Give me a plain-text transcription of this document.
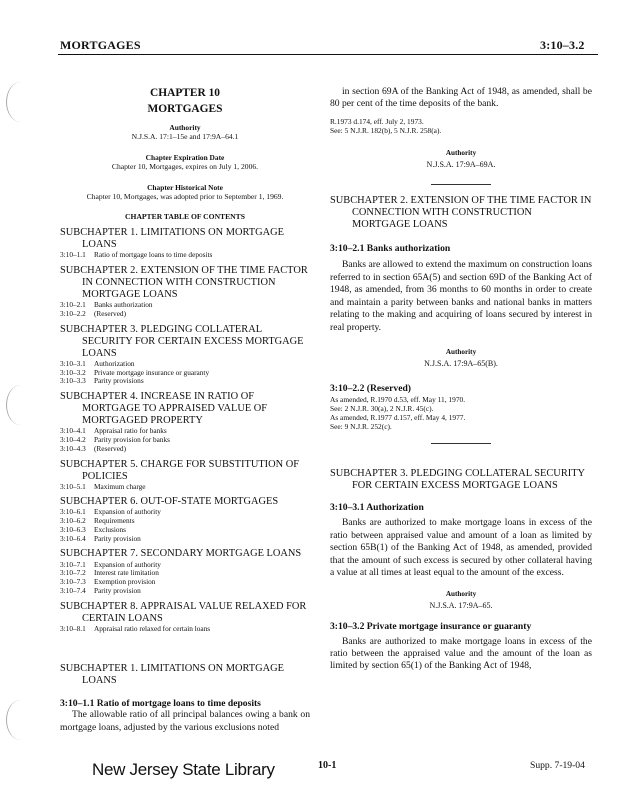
MORTGAGES	3:10–3.2
CHAPTER 10
MORTGAGES
Authority
N.J.S.A. 17:1–15e and 17:9A–64.1
Chapter Expiration Date
Chapter 10, Mortgages, expires on July 1, 2006.
Chapter Historical Note
Chapter 10, Mortgages, was adopted prior to September 1, 1969.
CHAPTER TABLE OF CONTENTS
SUBCHAPTER 1. LIMITATIONS ON MORTGAGE LOANS
3:10–1.1	Ratio of mortgage loans to time deposits
SUBCHAPTER 2. EXTENSION OF THE TIME FACTOR IN CONNECTION WITH CONSTRUCTION MORTGAGE LOANS
3:10–2.1	Banks authorization
3:10–2.2	(Reserved)
SUBCHAPTER 3. PLEDGING COLLATERAL SECURITY FOR CERTAIN EXCESS MORTGAGE LOANS
3:10–3.1	Authorization
3:10–3.2	Private mortgage insurance or guaranty
3:10–3.3	Parity provisions
SUBCHAPTER 4. INCREASE IN RATIO OF MORTGAGE TO APPRAISED VALUE OF MORTGAGED PROPERTY
3:10–4.1	Appraisal ratio for banks
3:10–4.2	Parity provision for banks
3:10–4.3	(Reserved)
SUBCHAPTER 5. CHARGE FOR SUBSTITUTION OF POLICIES
3:10–5.1	Maximum charge
SUBCHAPTER 6. OUT-OF-STATE MORTGAGES
3:10–6.1	Expansion of authority
3:10–6.2	Requirements
3:10–6.3	Exclusions
3:10–6.4	Parity provision
SUBCHAPTER 7. SECONDARY MORTGAGE LOANS
3:10–7.1	Expansion of authority
3:10–7.2	Interest rate limitation
3:10–7.3	Exemption provision
3:10–7.4	Parity provision
SUBCHAPTER 8. APPRAISAL VALUE RELAXED FOR CERTAIN LOANS
3:10–8.1	Appraisal ratio relaxed for certain loans
SUBCHAPTER 1. LIMITATIONS ON MORTGAGE LOANS
3:10–1.1 Ratio of mortgage loans to time deposits
The allowable ratio of all principal balances owing a bank on mortgage loans, adjusted by the various exclusions noted
in section 69A of the Banking Act of 1948, as amended, shall be 80 per cent of the time deposits of the bank.
R.1973 d.174, eff. July 2, 1973.
See: 5 N.J.R. 182(b), 5 N.J.R. 258(a).
Authority
N.J.S.A. 17:9A–69A.
SUBCHAPTER 2. EXTENSION OF THE TIME FACTOR IN CONNECTION WITH CONSTRUCTION MORTGAGE LOANS
3:10–2.1 Banks authorization
Banks are allowed to extend the maximum on construction loans referred to in section 65A(5) and section 69D of the Banking Act of 1948, as amended, from 36 months to 60 months in order to create and maintain a parity between banks and national banks in matters relating to the making and acquiring of loans secured by interest in real property.
Authority
N.J.S.A. 17:9A–65(B).
3:10–2.2 (Reserved)
As amended, R.1970 d.53, eff. May 11, 1970.
See: 2 N.J.R. 30(a), 2 N.J.R. 45(c).
As amended, R.1977 d.157, eff. May 4, 1977.
See: 9 N.J.R. 252(c).
SUBCHAPTER 3. PLEDGING COLLATERAL SECURITY FOR CERTAIN EXCESS MORTGAGE LOANS
3:10–3.1 Authorization
Banks are authorized to make mortgage loans in excess of the ratio between appraised value and amount of a loan as limited by section 65B(1) of the Banking Act of 1948, as amended, provided that the amount of such excess is secured by other collateral having a value at all times at least equal to the amount of the excess.
Authority
N.J.S.A. 17:9A–65.
3:10–3.2 Private mortgage insurance or guaranty
Banks are authorized to make mortgage loans in excess of the ratio between the appraised value and the amount of the loan as limited by section 65(1) of the Banking Act of 1948,
New Jersey State Library	10-1	Supp. 7-19-04
